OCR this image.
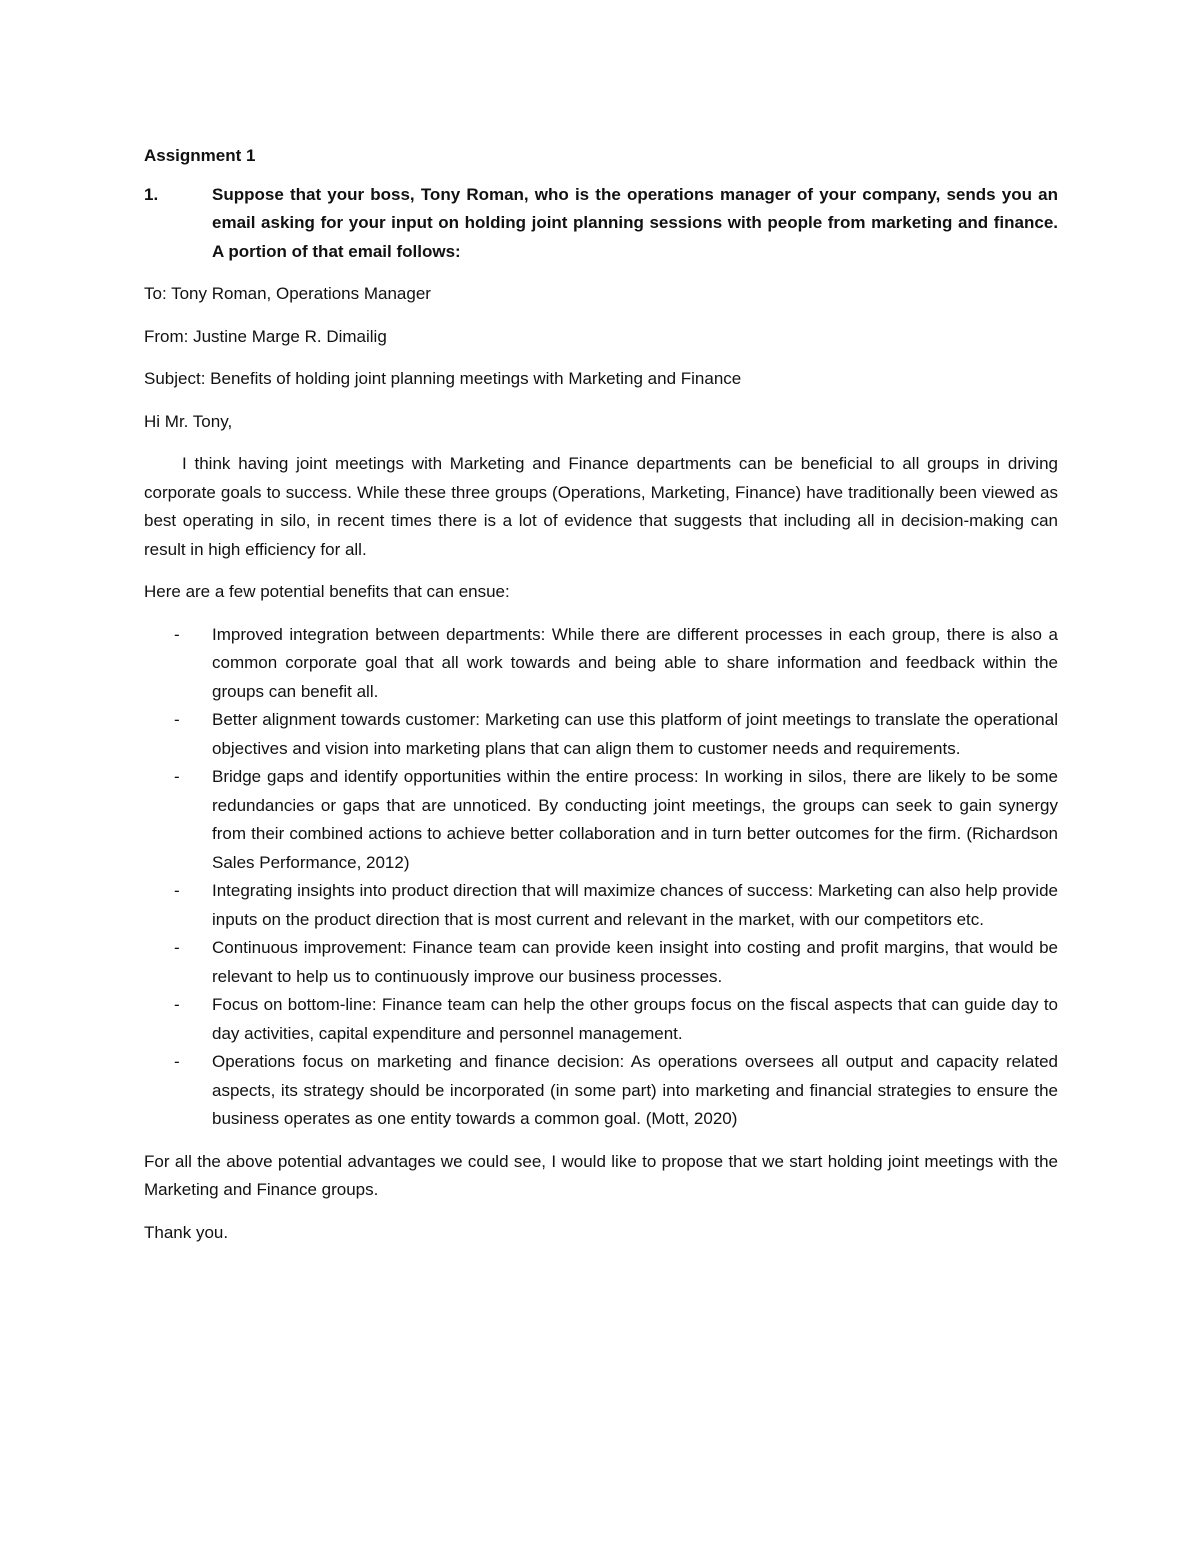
Assignment 1
1.	Suppose that your boss, Tony Roman, who is the operations manager of your company, sends you an email asking for your input on holding joint planning sessions with people from marketing and finance. A portion of that email follows:
To: Tony Roman, Operations Manager
From: Justine Marge R. Dimailig
Subject: Benefits of holding joint planning meetings with Marketing and Finance
Hi Mr. Tony,
I think having joint meetings with Marketing and Finance departments can be beneficial to all groups in driving corporate goals to success. While these three groups (Operations, Marketing, Finance) have traditionally been viewed as best operating in silo, in recent times there is a lot of evidence that suggests that including all in decision-making can result in high efficiency for all.
Here are a few potential benefits that can ensue:
-	Improved integration between departments: While there are different processes in each group, there is also a common corporate goal that all work towards and being able to share information and feedback within the groups can benefit all.
-	Better alignment towards customer: Marketing can use this platform of joint meetings to translate the operational objectives and vision into marketing plans that can align them to customer needs and requirements.
-	Bridge gaps and identify opportunities within the entire process: In working in silos, there are likely to be some redundancies or gaps that are unnoticed. By conducting joint meetings, the groups can seek to gain synergy from their combined actions to achieve better collaboration and in turn better outcomes for the firm. (Richardson Sales Performance, 2012)
-	Integrating insights into product direction that will maximize chances of success: Marketing can also help provide inputs on the product direction that is most current and relevant in the market, with our competitors etc.
-	Continuous improvement: Finance team can provide keen insight into costing and profit margins, that would be relevant to help us to continuously improve our business processes.
-	Focus on bottom-line: Finance team can help the other groups focus on the fiscal aspects that can guide day to day activities, capital expenditure and personnel management.
-	Operations focus on marketing and finance decision: As operations oversees all output and capacity related aspects, its strategy should be incorporated (in some part) into marketing and financial strategies to ensure the business operates as one entity towards a common goal. (Mott, 2020)
For all the above potential advantages we could see, I would like to propose that we start holding joint meetings with the Marketing and Finance groups.
Thank you.
